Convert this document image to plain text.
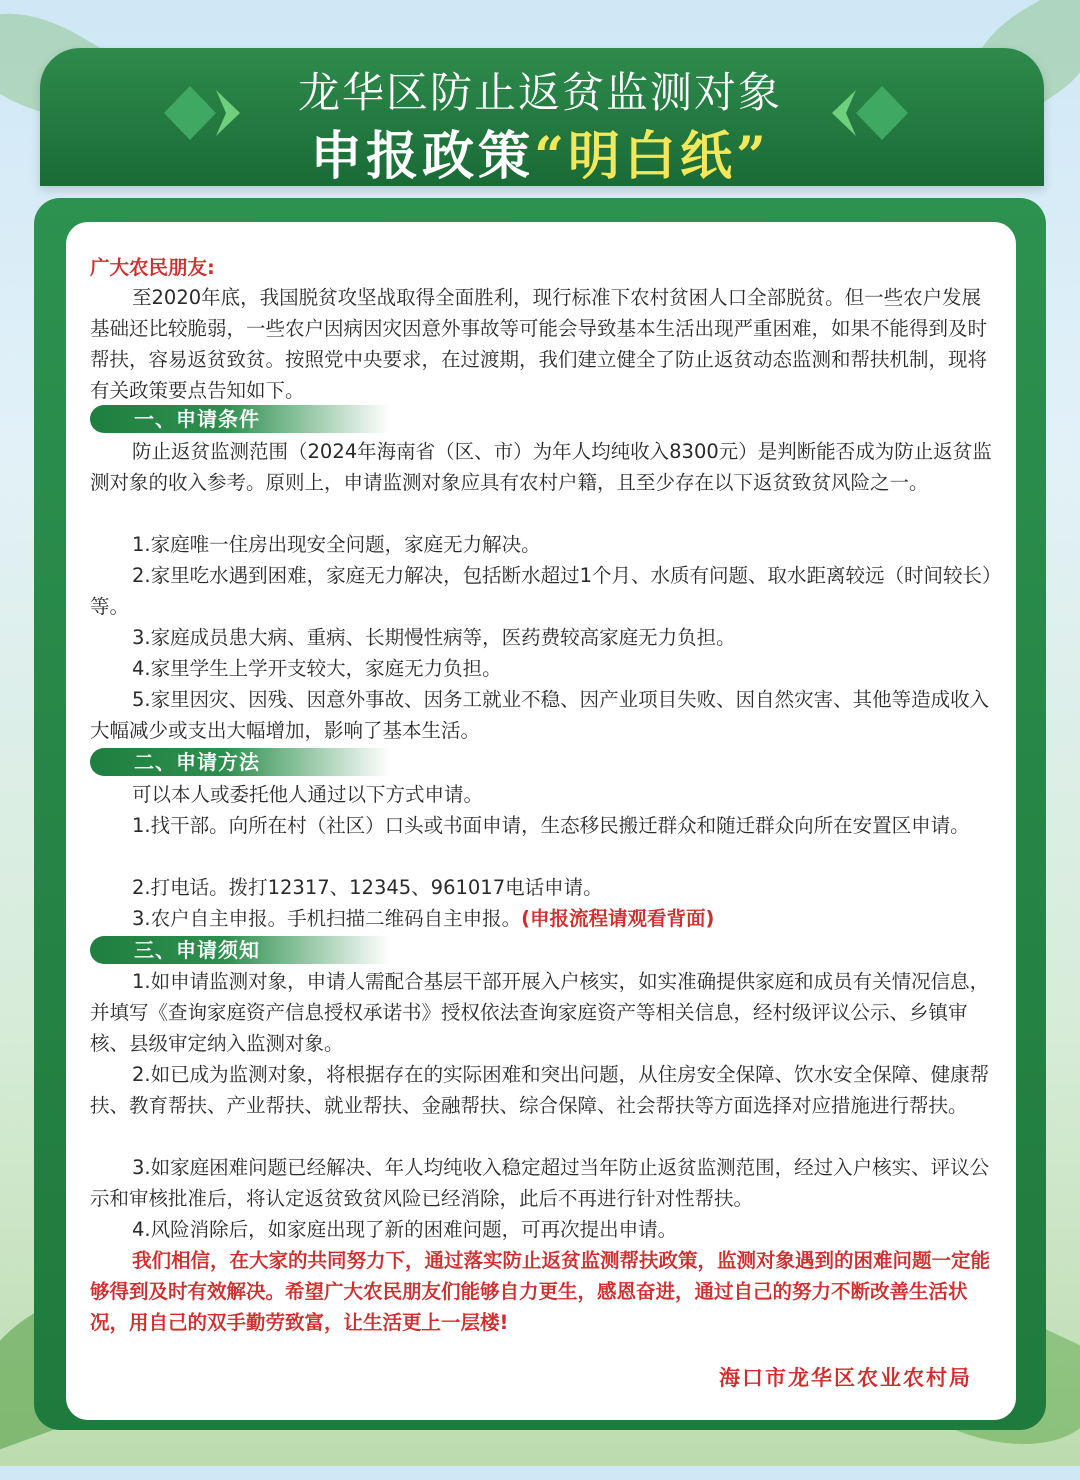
龙华区防止返贫监测对象
申报政策“明白纸”

广大农民朋友:

至2020年底，我国脱贫攻坚战取得全面胜利，现行标准下农村贫困人口全部脱贫。但一些农户发展基础还比较脆弱，一些农户因病因灾因意外事故等可能会导致基本生活出现严重困难，如果不能得到及时帮扶，容易返贫致贫。按照党中央要求，在过渡期，我们建立健全了防止返贫动态监测和帮扶机制，现将有关政策要点告知如下。

一、申请条件

防止返贫监测范围（2024年海南省（区、市）为年人均纯收入8300元）是判断能否成为防止返贫监测对象的收入参考。原则上，申请监测对象应具有农村户籍，且至少存在以下返贫致贫风险之一。

1.家庭唯一住房出现安全问题，家庭无力解决。

2.家里吃水遇到困难，家庭无力解决，包括断水超过1个月、水质有问题、取水距离较远（时间较长）等。

3.家庭成员患大病、重病、长期慢性病等，医药费较高家庭无力负担。

4.家里学生上学开支较大，家庭无力负担。

5.家里因灾、因残、因意外事故、因务工就业不稳、因产业项目失败、因自然灾害、其他等造成收入大幅减少或支出大幅增加，影响了基本生活。

二、申请方法

可以本人或委托他人通过以下方式申请。

1.找干部。向所在村（社区）口头或书面申请，生态移民搬迁群众和随迁群众向所在安置区申请。

2.打电话。拨打12317、12345、961017电话申请。

3.农户自主申报。手机扫描二维码自主申报。(申报流程请观看背面)

三、申请须知

1.如申请监测对象，申请人需配合基层干部开展入户核实，如实准确提供家庭和成员有关情况信息，并填写《查询家庭资产信息授权承诺书》授权依法查询家庭资产等相关信息，经村级评议公示、乡镇审核、县级审定纳入监测对象。

2.如已成为监测对象，将根据存在的实际困难和突出问题，从住房安全保障、饮水安全保障、健康帮扶、教育帮扶、产业帮扶、就业帮扶、金融帮扶、综合保障、社会帮扶等方面选择对应措施进行帮扶。

3.如家庭困难问题已经解决、年人均纯收入稳定超过当年防止返贫监测范围，经过入户核实、评议公示和审核批准后，将认定返贫致贫风险已经消除，此后不再进行针对性帮扶。

4.风险消除后，如家庭出现了新的困难问题，可再次提出申请。

我们相信，在大家的共同努力下，通过落实防止返贫监测帮扶政策，监测对象遇到的困难问题一定能够得到及时有效解决。希望广大农民朋友们能够自力更生，感恩奋进，通过自己的努力不断改善生活状况，用自己的双手勤劳致富，让生活更上一层楼!

海口市龙华区农业农村局
